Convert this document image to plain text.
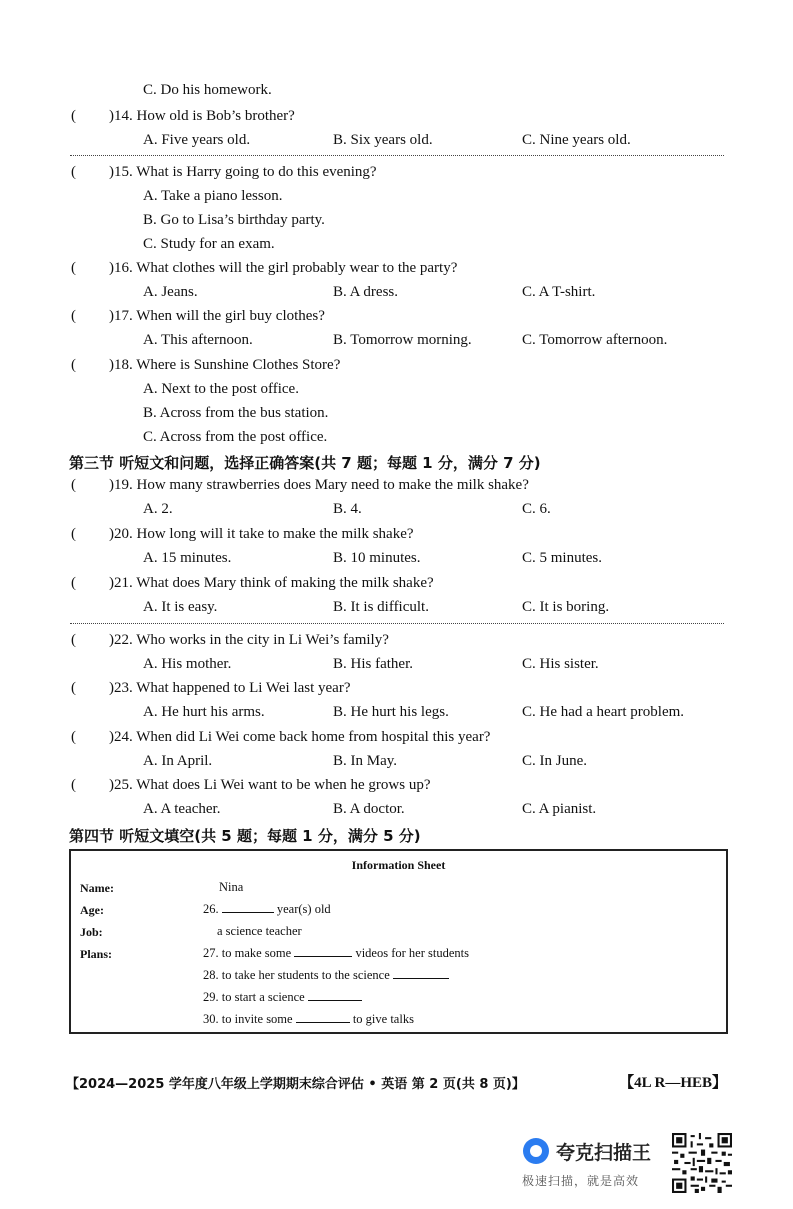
C. Do his homework.
( )14. How old is Bob’s brother?
A. Five years old.	B. Six years old.	C. Nine years old.
( )15. What is Harry going to do this evening?
A. Take a piano lesson.
B. Go to Lisa’s birthday party.
C. Study for an exam.
( )16. What clothes will the girl probably wear to the party?
A. Jeans.	B. A dress.	C. A T-shirt.
( )17. When will the girl buy clothes?
A. This afternoon.	B. Tomorrow morning.	C. Tomorrow afternoon.
( )18. Where is Sunshine Clothes Store?
A. Next to the post office.
B. Across from the bus station.
C. Across from the post office.
第三节 听短文和问题，选择正确答案(共 7 题；每题 1 分，满分 7 分)
( )19. How many strawberries does Mary need to make the milk shake?
A. 2.	B. 4.	C. 6.
( )20. How long will it take to make the milk shake?
A. 15 minutes.	B. 10 minutes.	C. 5 minutes.
( )21. What does Mary think of making the milk shake?
A. It is easy.	B. It is difficult.	C. It is boring.
( )22. Who works in the city in Li Wei’s family?
A. His mother.	B. His father.	C. His sister.
( )23. What happened to Li Wei last year?
A. He hurt his arms.	B. He hurt his legs.	C. He had a heart problem.
( )24. When did Li Wei come back home from hospital this year?
A. In April.	B. In May.	C. In June.
( )25. What does Li Wei want to be when he grows up?
A. A teacher.	B. A doctor.	C. A pianist.
第四节 听短文填空(共 5 题；每题 1 分，满分 5 分)
Information Sheet
Name:	Nina
Age:	26.	year(s) old
Job:	a science teacher
Plans:	27. to make some	videos for her students
28. to take her students to the science
29. to start a science
30. to invite some	to give talks
【2024—2025 学年度八年级上学期期末综合评估 • 英语 第 2 页(共 8 页)】	【4L R—HEB】
夸克扫描王
极速扫描，就是高效
